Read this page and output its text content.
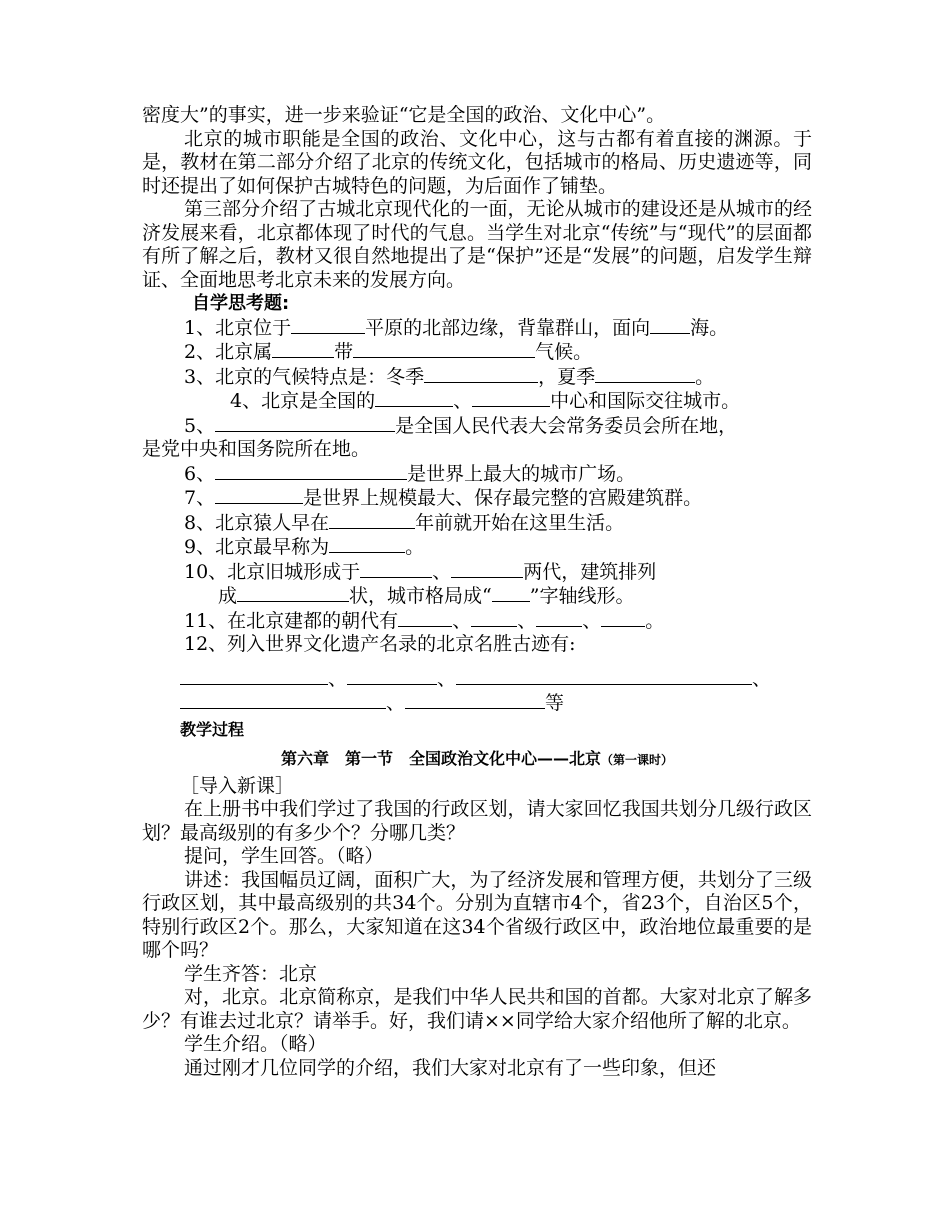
密度大”的事实，进一步来验证“它是全国的政治、文化中心”。

北京的城市职能是全国的政治、文化中心，这与古都有着直接的渊源。于是，教材在第二部分介绍了北京的传统文化，包括城市的格局、历史遗迹等，同时还提出了如何保护古城特色的问题，为后面作了铺垫。

第三部分介绍了古城北京现代化的一面，无论从城市的建设还是从城市的经济发展来看，北京都体现了时代的气息。当学生对北京“传统”与“现代”的层面都有所了解之后，教材又很自然地提出了是“保护”还是“发展”的问题，启发学生辩证、全面地思考北京未来的发展方向。

自学思考题:
1、北京位于	平原的北部边缘，背靠群山，面向 海。
2、北京属	带	气候。
3、北京的气候特点是：冬季	，夏季	。
4、北京是全国的	、	中心和国际交往城市。
5、	是全国人民代表大会常务委员会所在地，
是党中央和国务院所在地。
6、	是世界上最大的城市广场。
7、	是世界上规模最大、保存最完整的宫殿建筑群。
8、北京猿人早在	年前就开始在这里生活。
9、北京最早称为	。
10、北京旧城形成于	、	两代，建筑排列
成	状，城市格局成“ ”字轴线形。
11、在北京建都的朝代有	、 、 、 。
12、列入世界文化遗产名录的北京名胜古迹有:
、	、	、
、	等
教学过程
第六章　第一节　全国政治文化中心——北京（第一课时）
［导入新课］

在上册书中我们学过了我国的行政区划，请大家回忆我国共划分几级行政区划？最高级别的有多少个？分哪几类？

提问，学生回答。（略）

讲述：我国幅员辽阔，面积广大，为了经济发展和管理方便，共划分了三级行政区划，其中最高级别的共34个。分别为直辖市4个，省23个，自治区5个，特别行政区2个。那么，大家知道在这34个省级行政区中，政治地位最重要的是哪个吗？

学生齐答：北京

对，北京。北京简称京，是我们中华人民共和国的首都。大家对北京了解多少？有谁去过北京？请举手。好，我们请××同学给大家介绍他所了解的北京。

学生介绍。（略）

通过刚才几位同学的介绍，我们大家对北京有了一些印象，但还
